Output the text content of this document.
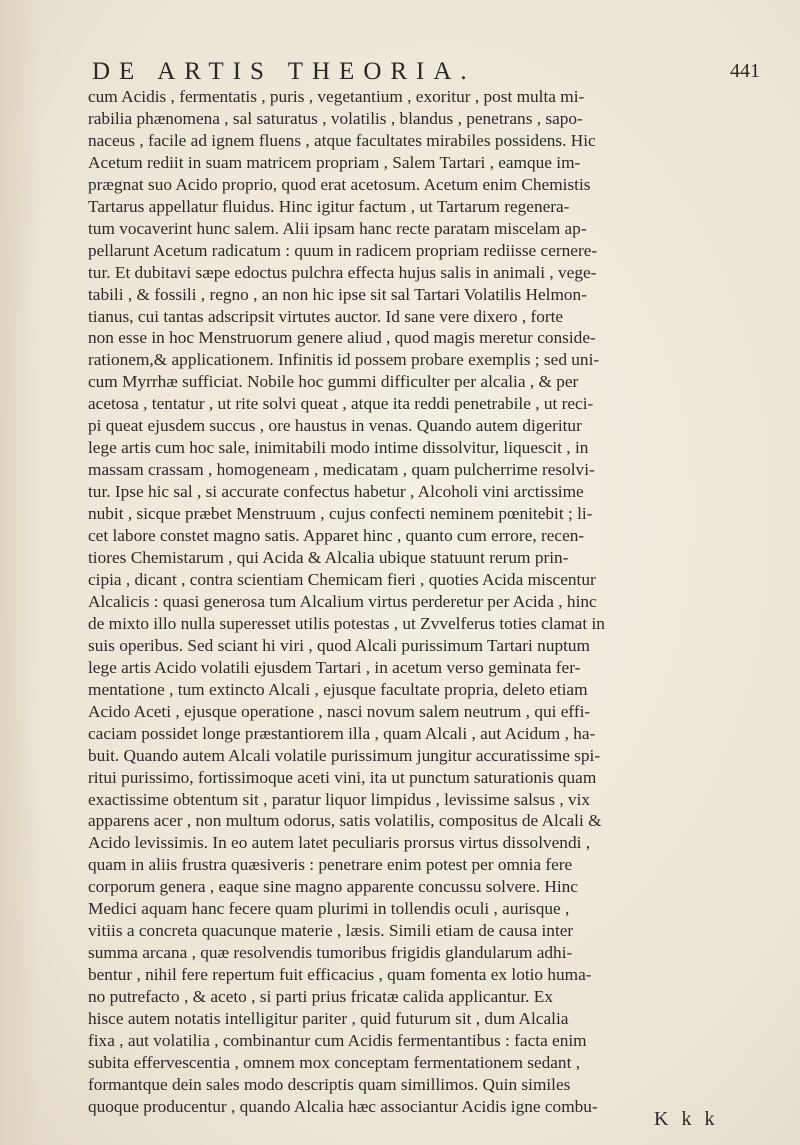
DE ARTIS THEORIA.	441
cum Acidis , fermentatis , puris , vegetantium , exoritur , post multa mi-
rabilia phænomena , sal saturatus , volatilis , blandus , penetrans , sapo-
naceus , facile ad ignem fluens , atque facultates mirabiles possidens. Hic
Acetum rediit in suam matricem propriam , Salem Tartari , eamque im-
prægnat suo Acido proprio, quod erat acetosum. Acetum enim Chemistis
Tartarus appellatur fluidus. Hinc igitur factum , ut Tartarum regenera-
tum vocaverint hunc salem. Alii ipsam hanc recte paratam miscelam ap-
pellarunt Acetum radicatum : quum in radicem propriam rediisse cernere-
tur. Et dubitavi sæpe edoctus pulchra effecta hujus salis in animali , vege-
tabili , & fossili , regno , an non hic ipse sit sal Tartari Volatilis Helmon-
tianus, cui tantas adscripsit virtutes auctor. Id sane vere dixero , forte
non esse in hoc Menstruorum genere aliud , quod magis meretur conside-
rationem,& applicationem. Infinitis id possem probare exemplis ; sed uni-
cum Myrrhæ sufficiat. Nobile hoc gummi difficulter per alcalia , & per
acetosa , tentatur , ut rite solvi queat , atque ita reddi penetrabile , ut reci-
pi queat ejusdem succus , ore haustus in venas. Quando autem digeritur
lege artis cum hoc sale, inimitabili modo intime dissolvitur, liquescit , in
massam crassam , homogeneam , medicatam , quam pulcherrime resolvi-
tur. Ipse hic sal , si accurate confectus habetur , Alcoholi vini arctissime
nubit , sicque præbet Menstruum , cujus confecti neminem pœnitebit ; li-
cet labore constet magno satis. Apparet hinc , quanto cum errore, recen-
tiores Chemistarum , qui Acida & Alcalia ubique statuunt rerum prin-
cipia , dicant , contra scientiam Chemicam fieri , quoties Acida miscentur
Alcalicis : quasi generosa tum Alcalium virtus perderetur per Acida , hinc
de mixto illo nulla superesset utilis potestas , ut Zvvelferus toties clamat in
suis operibus. Sed sciant hi viri , quod Alcali purissimum Tartari nuptum
lege artis Acido volatili ejusdem Tartari , in acetum verso geminata fer-
mentatione , tum extincto Alcali , ejusque facultate propria, deleto etiam
Acido Aceti , ejusque operatione , nasci novum salem neutrum , qui effi-
caciam possidet longe præstantiorem illa , quam Alcali , aut Acidum , ha-
buit. Quando autem Alcali volatile purissimum jungitur accuratissime spi-
ritui purissimo, fortissimoque aceti vini, ita ut punctum saturationis quam
exactissime obtentum sit , paratur liquor limpidus , levissime salsus , vix
apparens acer , non multum odorus, satis volatilis, compositus de Alcali &
Acido levissimis. In eo autem latet peculiaris prorsus virtus dissolvendi ,
quam in aliis frustra quæsiveris : penetrare enim potest per omnia fere
corporum genera , eaque sine magno apparente concussu solvere. Hinc
Medici aquam hanc fecere quam plurimi in tollendis oculi , aurisque ,
vitiis a concreta quacunque materie , læsis. Simili etiam de causa inter
summa arcana , quæ resolvendis tumoribus frigidis glandularum adhi-
bentur , nihil fere repertum fuit efficacius , quam fomenta ex lotio huma-
no putrefacto , & aceto , si parti prius fricatæ calida applicantur. Ex
hisce autem notatis intelligitur pariter , quid futurum sit , dum Alcalia
fixa , aut volatilia , combinantur cum Acidis fermentantibus : facta enim
subita effervescentia , omnem mox conceptam fermentationem sedant ,
formantque dein sales modo descriptis quam simillimos. Quin similes
quoque producentur , quando Alcalia hæc associantur Acidis igne combu-
K k k
